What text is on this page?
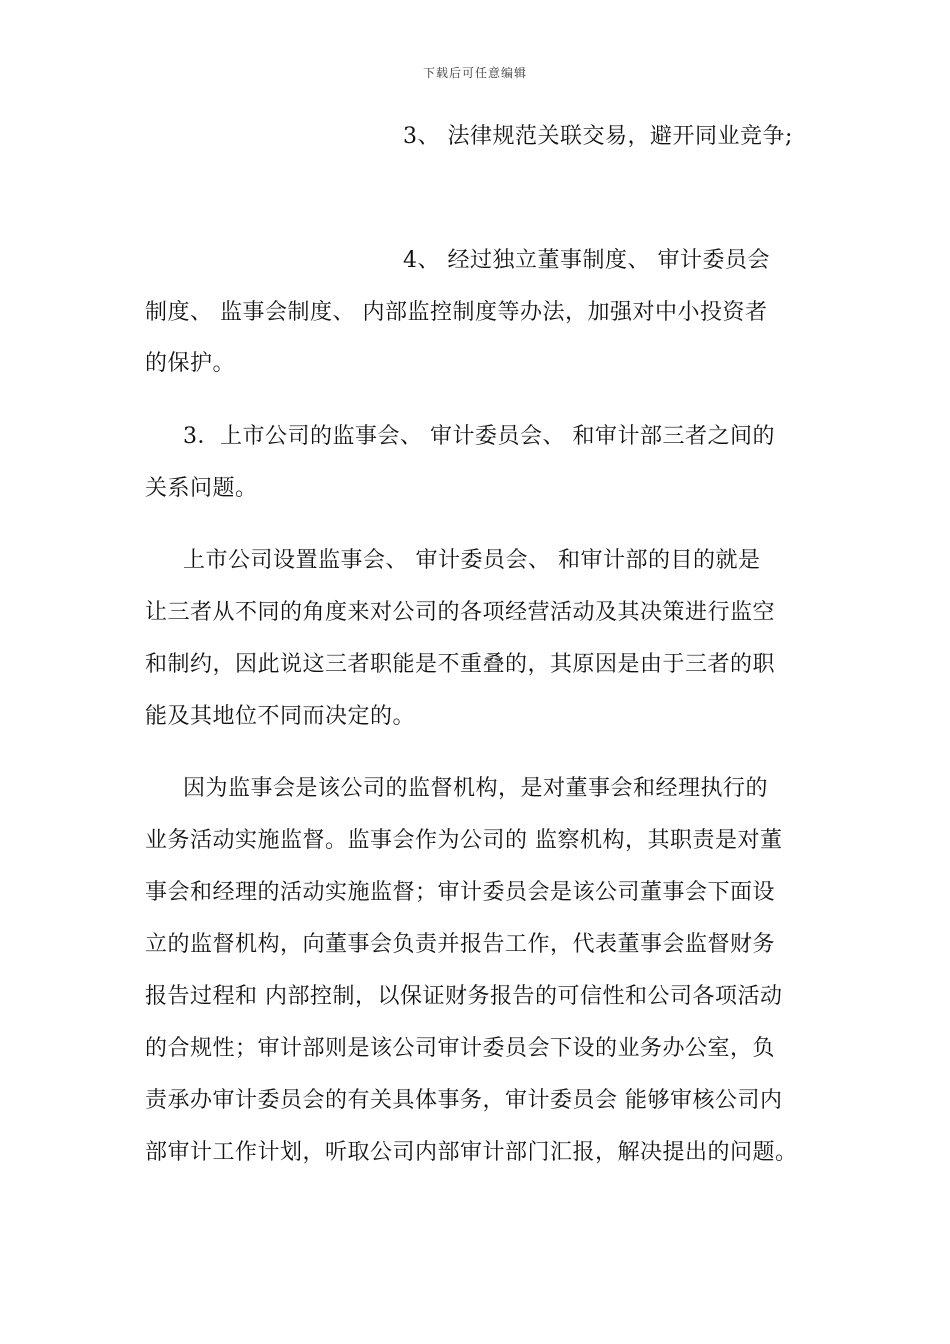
下载后可任意编辑
3、 法律规范关联交易，避开同业竞争;
4、 经过独立董事制度、 审计委员会
制度、 监事会制度、 内部监控制度等办法，加强对中小投资者
的保护。
3．上市公司的监事会、 审计委员会、 和审计部三者之间的
关系问题。
上市公司设置监事会、 审计委员会、 和审计部的目的就是
让三者从不同的角度来对公司的各项经营活动及其决策进行监空
和制约，因此说这三者职能是不重叠的，其原因是由于三者的职
能及其地位不同而决定的。
因为监事会是该公司的监督机构，是对董事会和经理执行的
业务活动实施监督。监事会作为公司的 监察机构，其职责是对董
事会和经理的活动实施监督；审计委员会是该公司董事会下面设
立的监督机构，向董事会负责并报告工作，代表董事会监督财务
报告过程和 内部控制，以保证财务报告的可信性和公司各项活动
的合规性；审计部则是该公司审计委员会下设的业务办公室，负
责承办审计委员会的有关具体事务，审计委员会 能够审核公司内
部审计工作计划，听取公司内部审计部门汇报，解决提出的问题。
